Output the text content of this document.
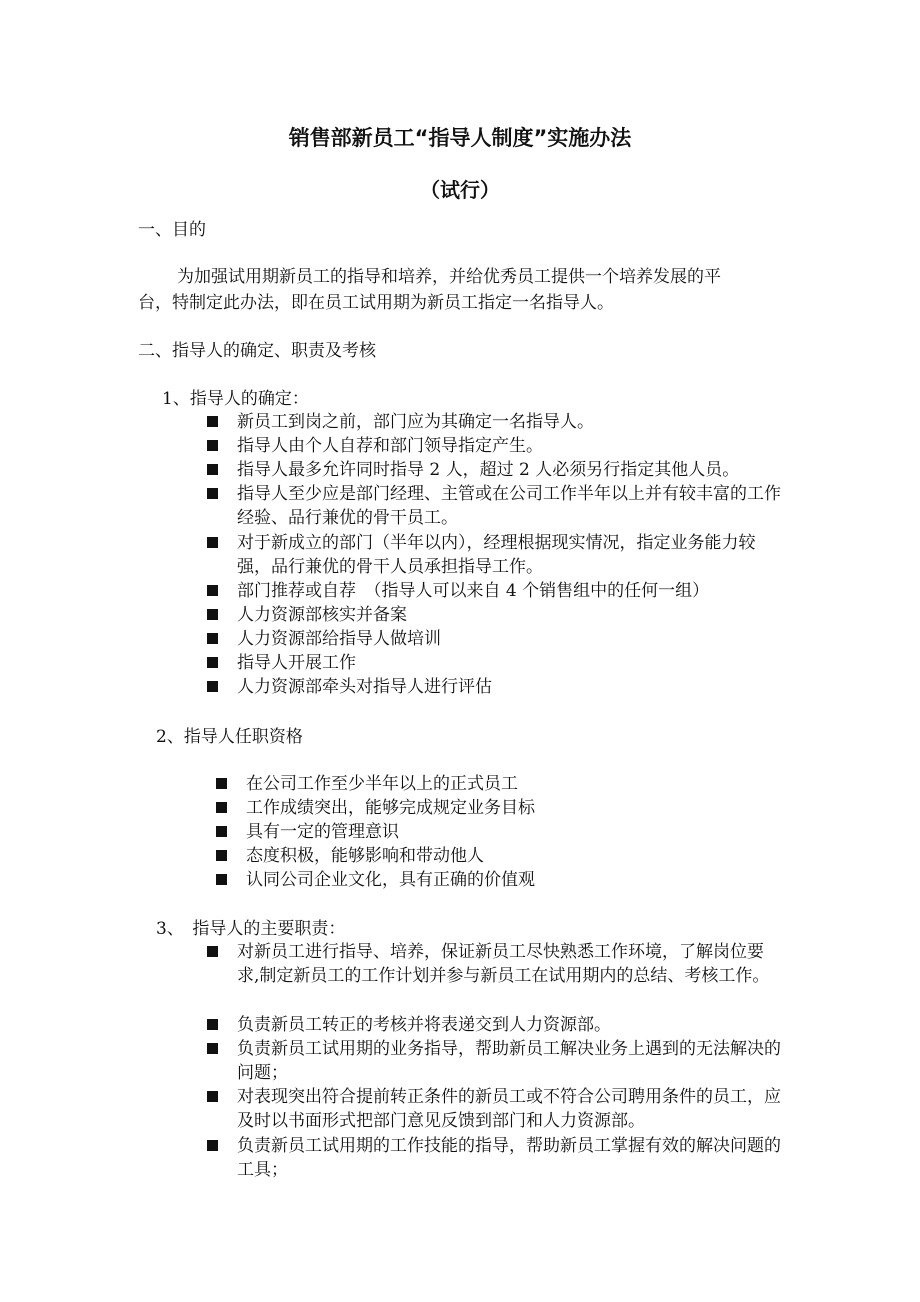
销售部新员工“指导人制度”实施办法
（试行）
一、目的
为加强试用期新员工的指导和培养，并给优秀员工提供一个培养发展的平
台，特制定此办法，即在员工试用期为新员工指定一名指导人。
二、指导人的确定、职责及考核
1、指导人的确定：
新员工到岗之前，部门应为其确定一名指导人。
指导人由个人自荐和部门领导指定产生。
指导人最多允许同时指导 2 人，超过 2 人必须另行指定其他人员。
指导人至少应是部门经理、主管或在公司工作半年以上并有较丰富的工作经验、品行兼优的骨干员工。
对于新成立的部门（半年以内），经理根据现实情况，指定业务能力较强，品行兼优的骨干人员承担指导工作。
部门推荐或自荐　（指导人可以来自 4 个销售组中的任何一组）
人力资源部核实并备案
人力资源部给指导人做培训
指导人开展工作
人力资源部牵头对指导人进行评估
2、指导人任职资格
在公司工作至少半年以上的正式员工
工作成绩突出，能够完成规定业务目标
具有一定的管理意识
态度积极，能够影响和带动他人
认同公司企业文化，具有正确的价值观
3、　指导人的主要职责：
对新员工进行指导、培养，保证新员工尽快熟悉工作环境，了解岗位要求,制定新员工的工作计划并参与新员工在试用期内的总结、考核工作。
负责新员工转正的考核并将表递交到人力资源部。
负责新员工试用期的业务指导，帮助新员工解决业务上遇到的无法解决的问题；
对表现突出符合提前转正条件的新员工或不符合公司聘用条件的员工，应及时以书面形式把部门意见反馈到部门和人力资源部。
负责新员工试用期的工作技能的指导，帮助新员工掌握有效的解决问题的工具；
